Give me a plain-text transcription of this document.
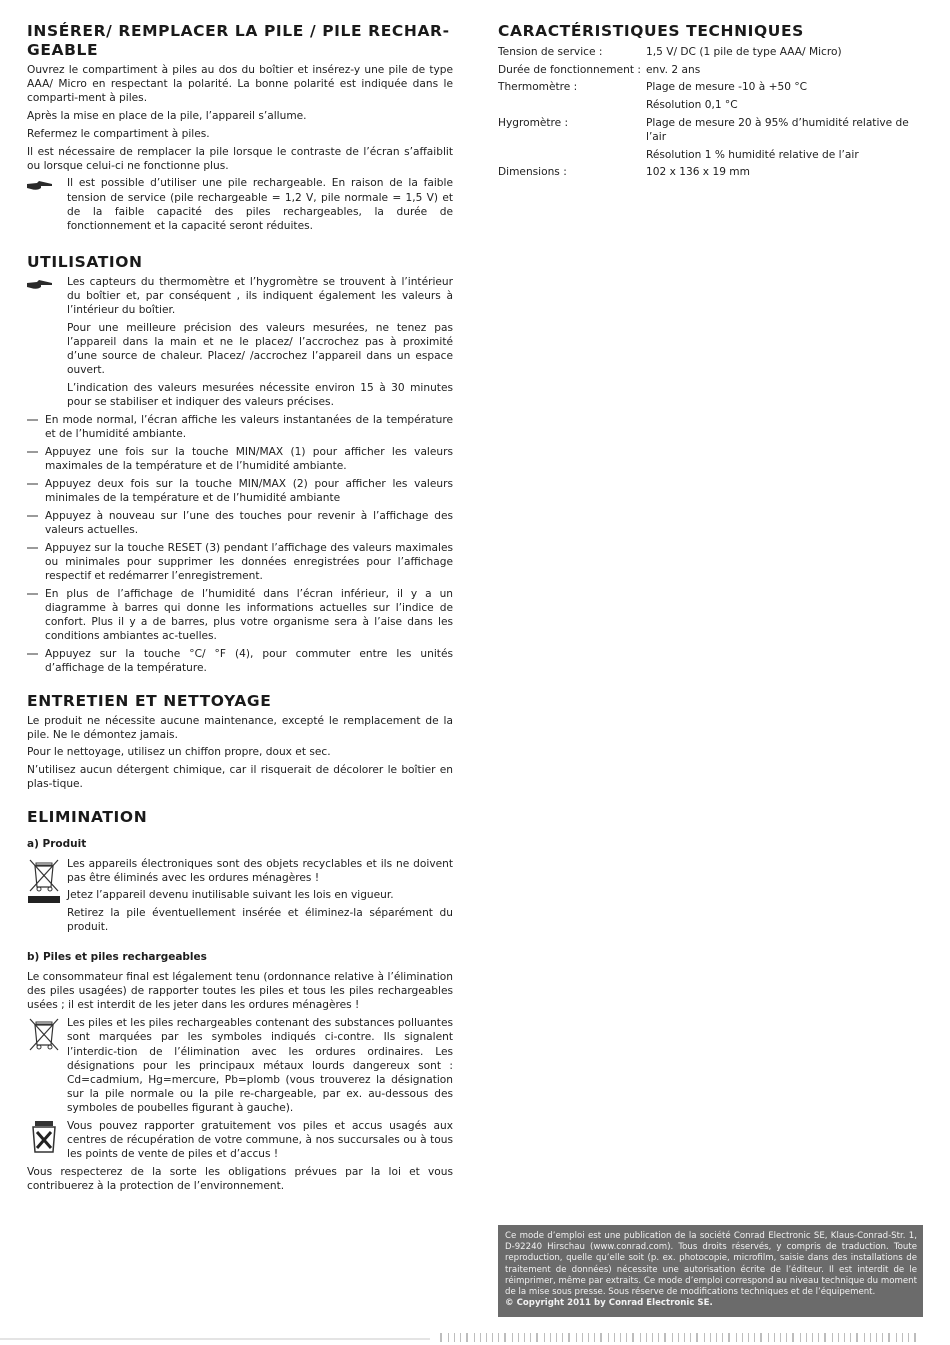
INSÉRER/ REMPLACER LA PILE / PILE RECHAR-
GEABLE

Ouvrez le compartiment à piles au dos du boîtier et insérez-y une pile de type AAA/ Micro en respectant la polarité. La bonne polarité est indiquée dans le comparti-ment à piles.

Après la mise en place de la pile, l’appareil s’allume.

Refermez le compartiment à piles.

Il est nécessaire de remplacer la pile lorsque le contraste de l’écran s’affaiblit ou lorsque celui-ci ne fonctionne plus.

Il est possible d’utiliser une pile rechargeable. En raison de la faible tension de service (pile rechargeable = 1,2 V, pile normale = 1,5 V) et de la faible capacité des piles rechargeables, la durée de fonctionnement et la capacité seront réduites.

UTILISATION

Les capteurs du thermomètre et l’hygromètre se trouvent à l’intérieur du boîtier et, par conséquent , ils indiquent également les valeurs à l’intérieur du boîtier.

Pour une meilleure précision des valeurs mesurées, ne tenez pas l’appareil dans la main et ne le placez/ l’accrochez pas à proximité d’une source de chaleur. Placez/ /accrochez l’appareil dans un espace ouvert.

L’indication des valeurs mesurées nécessite environ 15 à 30 minutes pour se stabiliser et indiquer des valeurs précises.

En mode normal, l’écran affiche les valeurs instantanées de la température et de l’humidité ambiante.

Appuyez une fois sur la touche MIN/MAX (1) pour afficher les valeurs maximales de la température et de l’humidité ambiante.

Appuyez deux fois sur la touche MIN/MAX (2) pour afficher les valeurs minimales de la température et de l’humidité ambiante

Appuyez à nouveau sur l’une des touches pour revenir à l’affichage des valeurs actuelles.

Appuyez sur la touche RESET (3) pendant l’affichage des valeurs maximales ou minimales pour supprimer les données enregistrées pour l’affichage respectif et redémarrer l’enregistrement.

En plus de l’affichage de l’humidité dans l’écran inférieur, il y a un diagramme à barres qui donne les informations actuelles sur l’indice de confort. Plus il y a de barres, plus votre organisme sera à l’aise dans les conditions ambiantes ac-tuelles.

Appuyez sur la touche °C/ °F (4), pour commuter entre les unités d’affichage de la température.

ENTRETIEN ET NETTOYAGE

Le produit ne nécessite aucune maintenance, excepté le remplacement de la pile. Ne le démontez jamais.

Pour le nettoyage, utilisez un chiffon propre, doux et sec.

N’utilisez aucun détergent chimique, car il risquerait de décolorer le boîtier en plas-tique.

ELIMINATION
a) Produit

Les appareils électroniques sont des objets recyclables et ils ne doivent pas être éliminés avec les ordures ménagères !

Jetez l’appareil devenu inutilisable suivant les lois en vigueur.

Retirez la pile éventuellement insérée et éliminez-la séparément du produit.

b) Piles et piles rechargeables

Le consommateur final est légalement tenu (ordonnance relative à l’élimination des piles usagées) de rapporter toutes les piles et tous les piles rechargeables usées ; il est interdit de les jeter dans les ordures ménagères !

Les piles et les piles rechargeables contenant des substances polluantes sont marquées par les symboles indiqués ci-contre. Ils signalent l’interdic-tion de l’élimination avec les ordures ordinaires. Les désignations pour les principaux métaux lourds dangereux sont : Cd=cadmium, Hg=mercure, Pb=plomb (vous trouverez la désignation sur la pile normale ou la pile re-chargeable, par ex. au-dessous des symboles de poubelles figurant à gauche).

Vous pouvez rapporter gratuitement vos piles et accus usagés aux centres de récupération de votre commune, à nos succursales ou à tous les points de vente de piles et d’accus !

Vous respecterez de la sorte les obligations prévues par la loi et vous contribuerez à la protection de l’environnement.

CARACTÉRISTIQUES TECHNIQUES
Tension de service :	1,5 V/ DC (1 pile de type AAA/ Micro)
Durée de fonctionnement :	env. 2 ans
Thermomètre :	Plage de mesure -10 à +50 °C
	Résolution 0,1 °C
Hygromètre :	Plage de mesure 20 à 95% d’humidité relative de l’air
	Résolution 1 % humidité relative de l’air
Dimensions :	102 x 136 x 19 mm
Ce mode d’emploi est une publication de la société Conrad Electronic SE, Klaus-Conrad-Str. 1, D-92240 Hirschau (www.conrad.com). Tous droits réservés, y compris de traduction. Toute reproduction, quelle qu’elle soit (p. ex. photocopie, microfilm, saisie dans des installations de traitement de données) nécessite une autorisation écrite de l’éditeur. Il est interdit de le réimprimer, même par extraits. Ce mode d’emploi correspond au niveau technique du moment de la mise sous presse. Sous réserve de modifications techniques et de l’équipement.
© Copyright 2011 by Conrad Electronic SE.
